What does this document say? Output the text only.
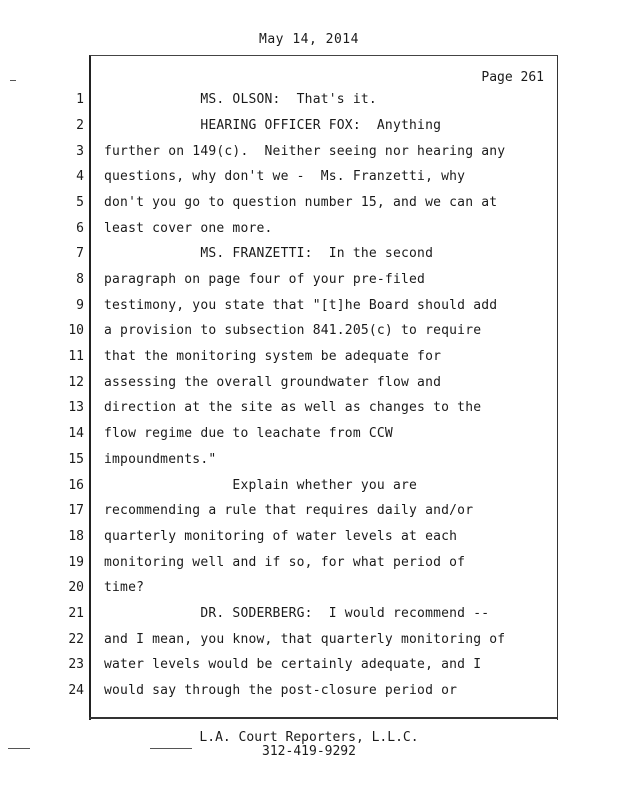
May 14, 2014
Page 261
1 MS. OLSON:  That's it.
2 HEARING OFFICER FOX:  Anything
3 further on 149(c).  Neither seeing nor hearing any
4 questions, why don't we -  Ms. Franzetti, why
5 don't you go to question number 15, and we can at
6 least cover one more.
7 MS. FRANZETTI:  In the second
8 paragraph on page four of your pre-filed
9 testimony, you state that "[t]he Board should add
10 a provision to subsection 841.205(c) to require
11 that the monitoring system be adequate for
12 assessing the overall groundwater flow and
13 direction at the site as well as changes to the
14 flow regime due to leachate from CCW
15 impoundments."
16 Explain whether you are
17 recommending a rule that requires daily and/or
18 quarterly monitoring of water levels at each
19 monitoring well and if so, for what period of
20 time?
21 DR. SODERBERG:  I would recommend --
22 and I mean, you know, that quarterly monitoring of
23 water levels would be certainly adequate, and I
24 would say through the post-closure period or
L.A. Court Reporters, L.L.C.
312-419-9292
